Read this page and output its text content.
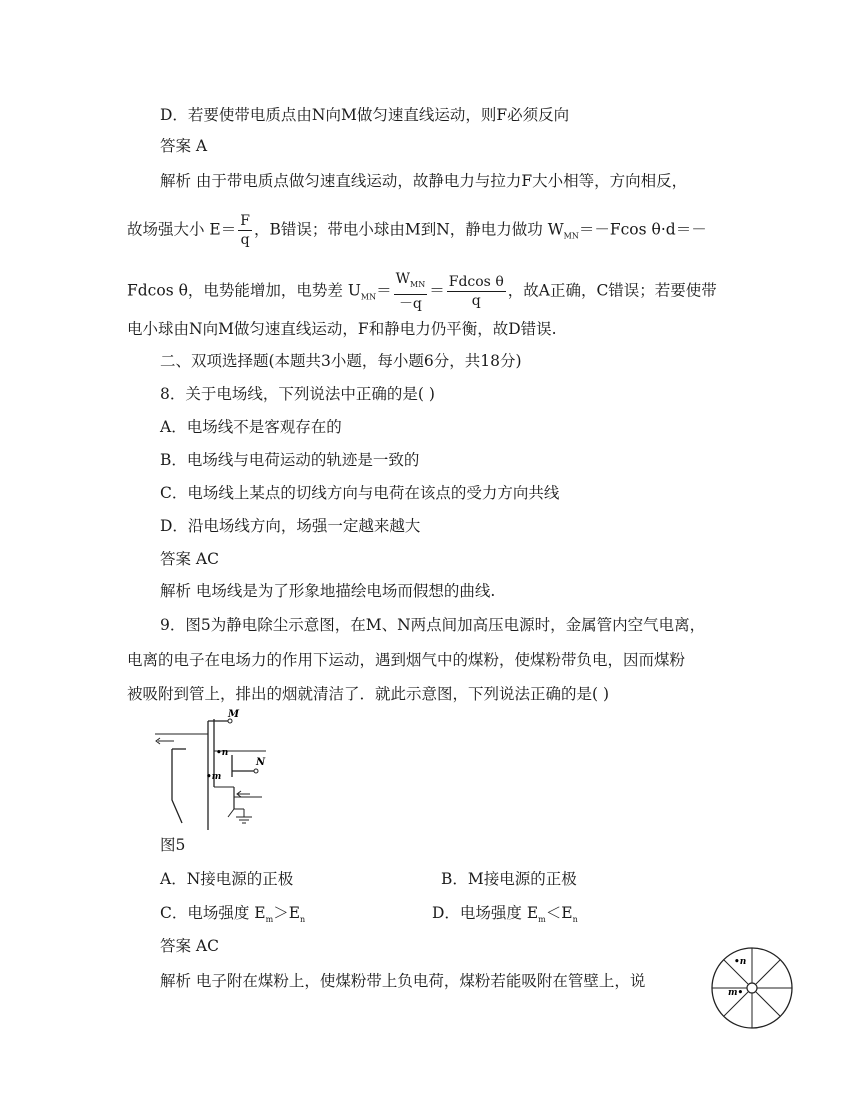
D．若要使带电质点由N向M做匀速直线运动，则F必须反向
答案 A
解析 由于带电质点做匀速直线运动，故静电力与拉力F大小相等，方向相反，
故场强大小 $E= \frac{F}{q}$ ，B错误；带电小球由M到N，静电力做功 $W_{MN}=-Fcos$ θ·d＝－
Fdcos θ，电势能增加，电势差 $U_{MN}= \frac{W_{MN}}{-q} = \frac{\text{Fdcos θ}}{q}$ ，故A正确，C错误；若要使带
电小球由N向M做匀速直线运动，F和静电力仍平衡，故D错误.
二、双项选择题(本题共3小题，每小题6分，共18分)
8．关于电场线，下列说法中正确的是( )
A．电场线不是客观存在的
B．电场线与电荷运动的轨迹是一致的
C．电场线上某点的切线方向与电荷在该点的受力方向共线
D．沿电场线方向，场强一定越来越大
答案 AC
解析 电场线是为了形象地描绘电场而假想的曲线.
9．图5为静电除尘示意图，在M、N两点间加高压电源时，金属管内空气电离，
电离的电子在电场力的作用下运动，遇到烟气中的煤粉，使煤粉带负电，因而煤粉
被吸附到管上，排出的烟就清洁了．就此示意图，下列说法正确的是( )
M
•n
•m
N
图5
A．N接电源的正极	B．M接电源的正极
C．电场强度 $E_m>E_n$	D．电场强度 $E_m<E_n$
答案 AC
解析 电子附在煤粉上，使煤粉带上负电荷，煤粉若能吸附在管壁上，说
•n
m•
